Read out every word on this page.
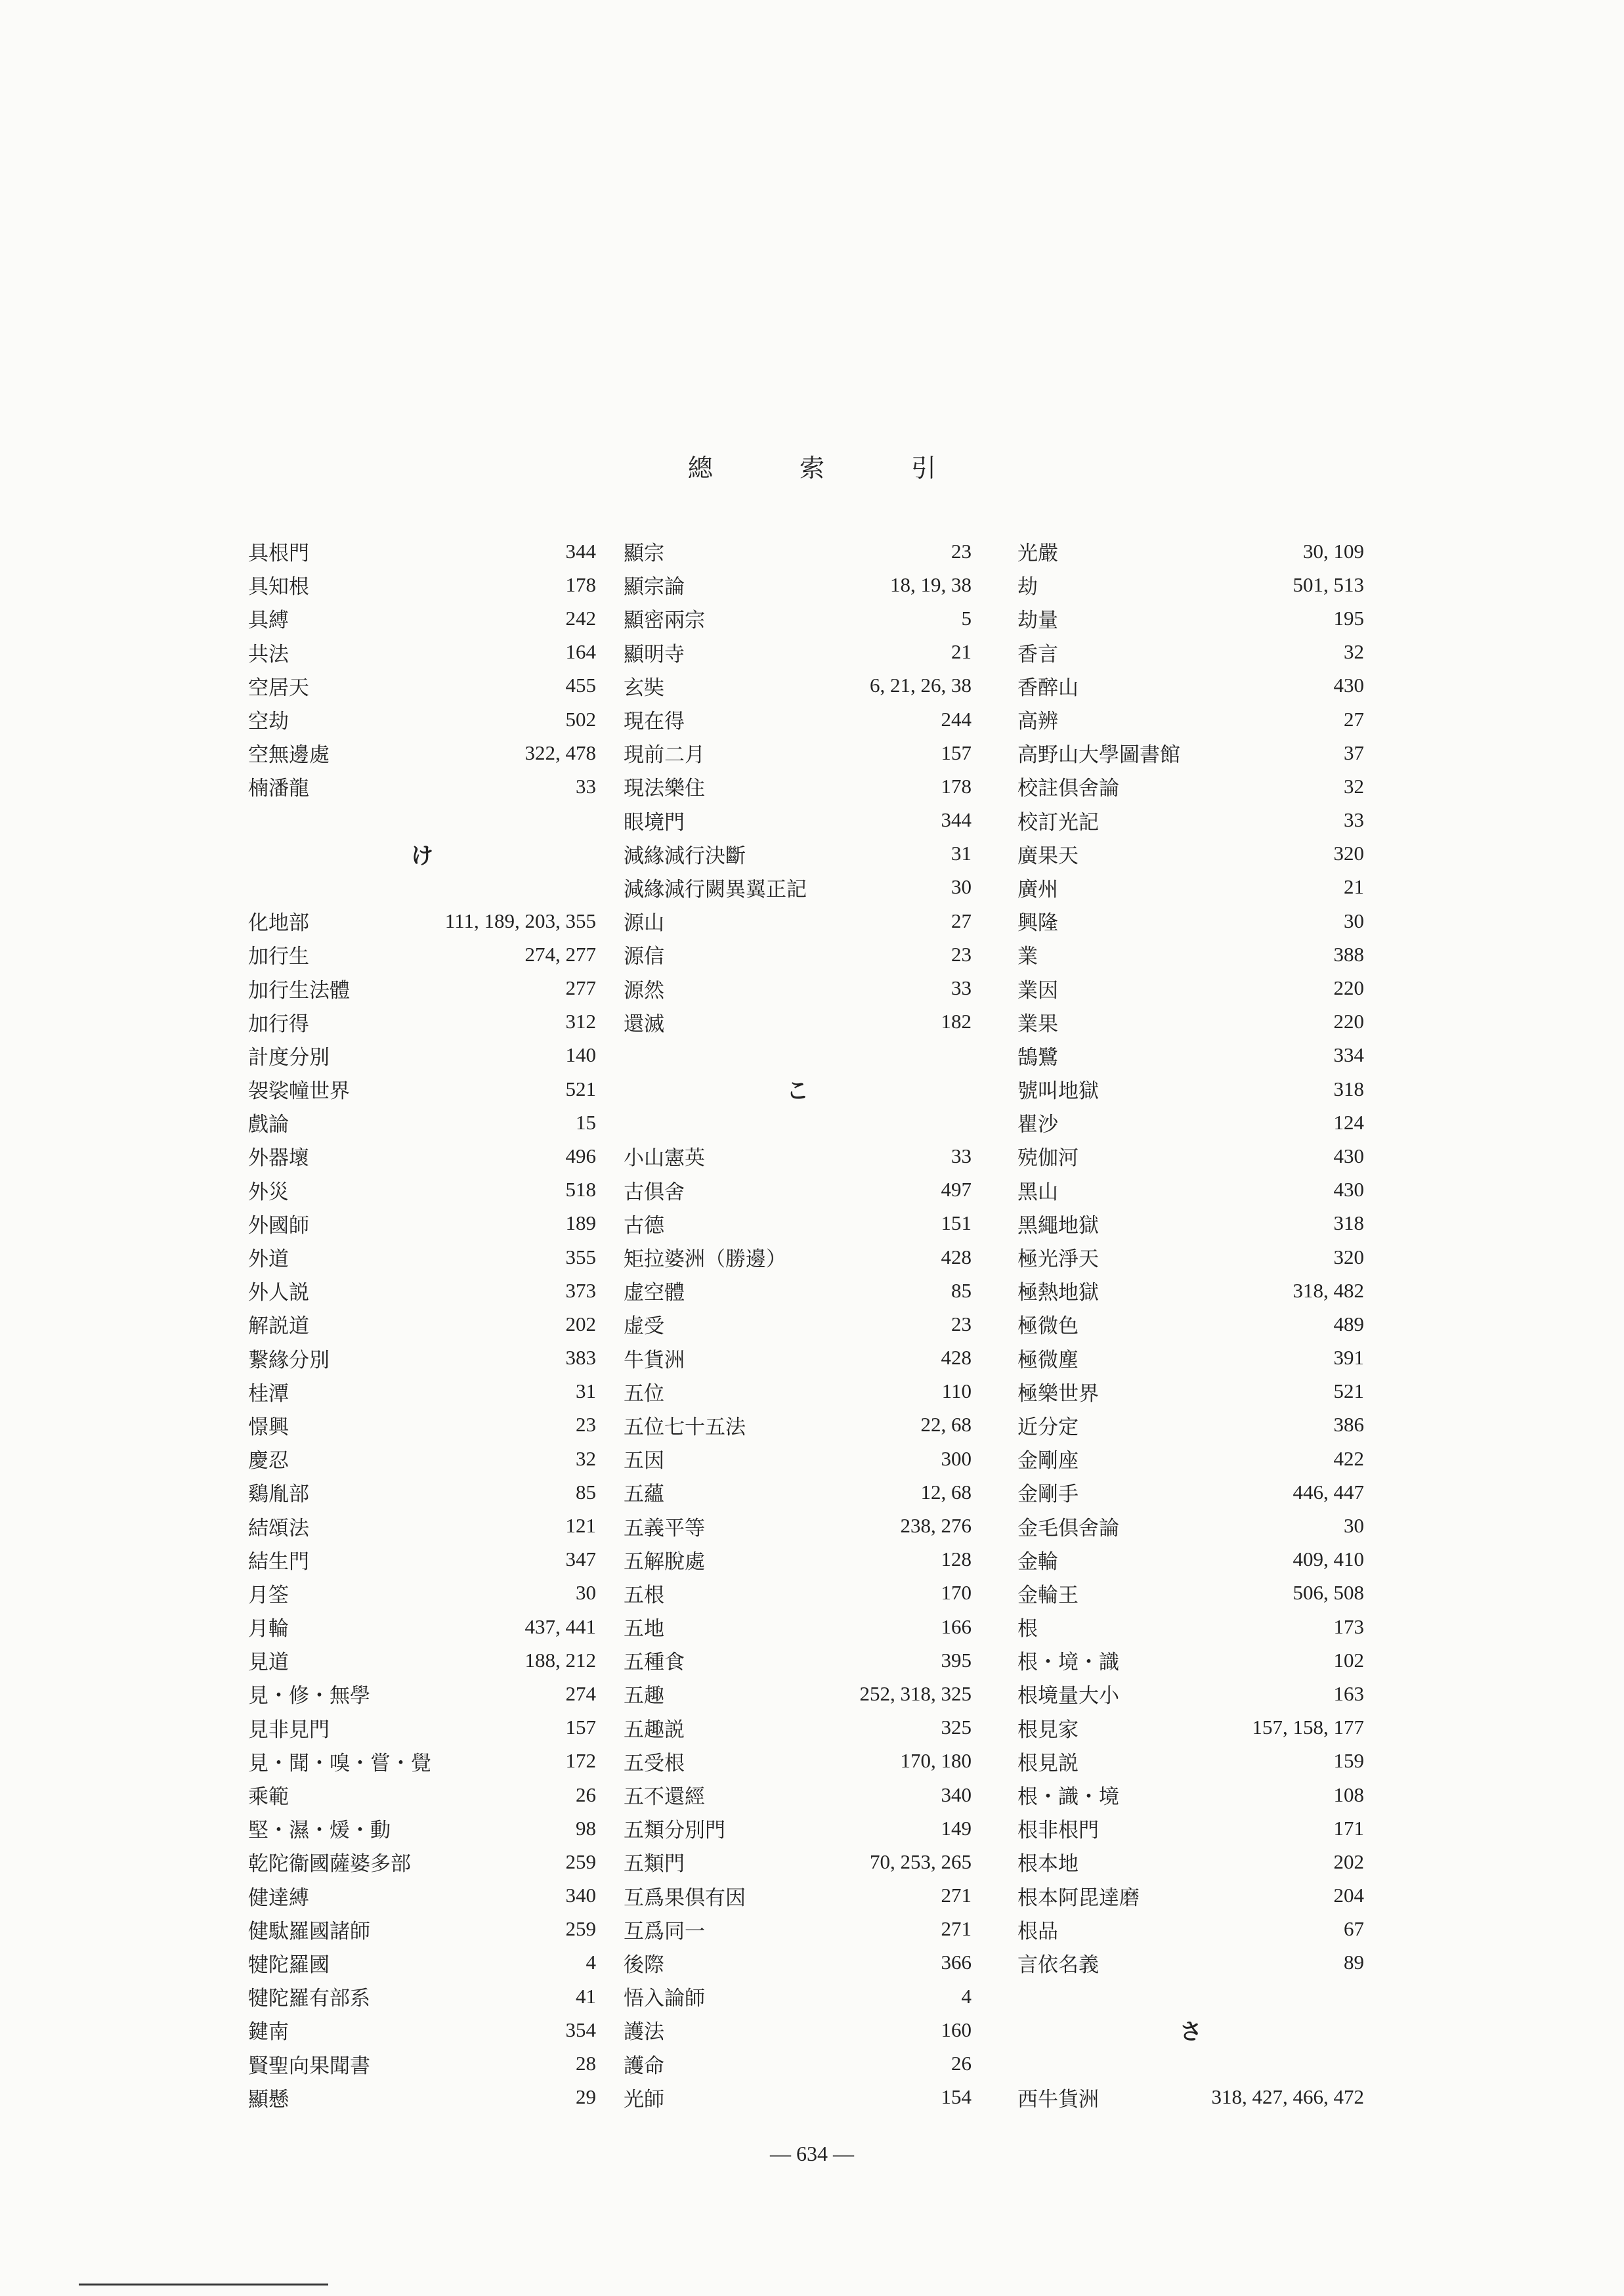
總 索 引
具根門	344
具知根	178
具縛	242
共法	164
空居天	455
空劫	502
空無邊處	322, 478
楠潘龍	33
け
化地部	111, 189, 203, 355
加行生	274, 277
加行生法體	277
加行得	312
計度分別	140
袈裟幢世界	521
戲論	15
外器壞	496
外災	518
外國師	189
外道	355
外人説	373
解説道	202
繋緣分別	383
桂潭	31
憬興	23
慶忍	32
鷄胤部	85
結頌法	121
結生門	347
月筌	30
月輪	437, 441
見道	188, 212
見・修・無學	274
見非見門	157
見・聞・嗅・嘗・覺	172
乘範	26
堅・濕・煖・動	98
乾陀衞國薩婆多部	259
健達縛	340
健駄羅國諸師	259
犍陀羅國	4
犍陀羅有部系	41
鍵南	354
賢聖向果聞書	28
顯懸	29
顯宗	23
顯宗論	18, 19, 38
顯密兩宗	5
顯明寺	21
玄奘	6, 21, 26, 38
現在得	244
現前二月	157
現法樂住	178
眼境門	344
減緣減行決斷	31
減緣減行闕異翼正記	30
源山	27
源信	23
源然	33
還滅	182
こ
小山憲英	33
古倶舍	497
古德	151
矩拉婆洲（勝邊）	428
虚空體	85
虚受	23
牛貨洲	428
五位	110
五位七十五法	22, 68
五因	300
五蘊	12, 68
五義平等	238, 276
五解脫處	128
五根	170
五地	166
五種食	395
五趣	252, 318, 325
五趣説	325
五受根	170, 180
五不還經	340
五類分別門	149
五類門	70, 253, 265
互爲果倶有因	271
互爲同一	271
後際	366
悟入論師	4
護法	160
護命	26
光師	154
光嚴	30, 109
劫	501, 513
劫量	195
香言	32
香醉山	430
高辨	27
高野山大學圖書館	37
校註倶舍論	32
校訂光記	33
廣果天	320
廣州	21
興隆	30
業	388
業因	220
業果	220
鵠鷺	334
號叫地獄	318
瞿沙	124
殑伽河	430
黑山	430
黑繩地獄	318
極光淨天	320
極熱地獄	318, 482
極微色	489
極微塵	391
極樂世界	521
近分定	386
金剛座	422
金剛手	446, 447
金毛倶舍論	30
金輪	409, 410
金輪王	506, 508
根	173
根・境・識	102
根境量大小	163
根見家	157, 158, 177
根見説	159
根・識・境	108
根非根門	171
根本地	202
根本阿毘達磨	204
根品	67
言依名義	89
さ
西牛貨洲	318, 427, 466, 472
— 634 —
